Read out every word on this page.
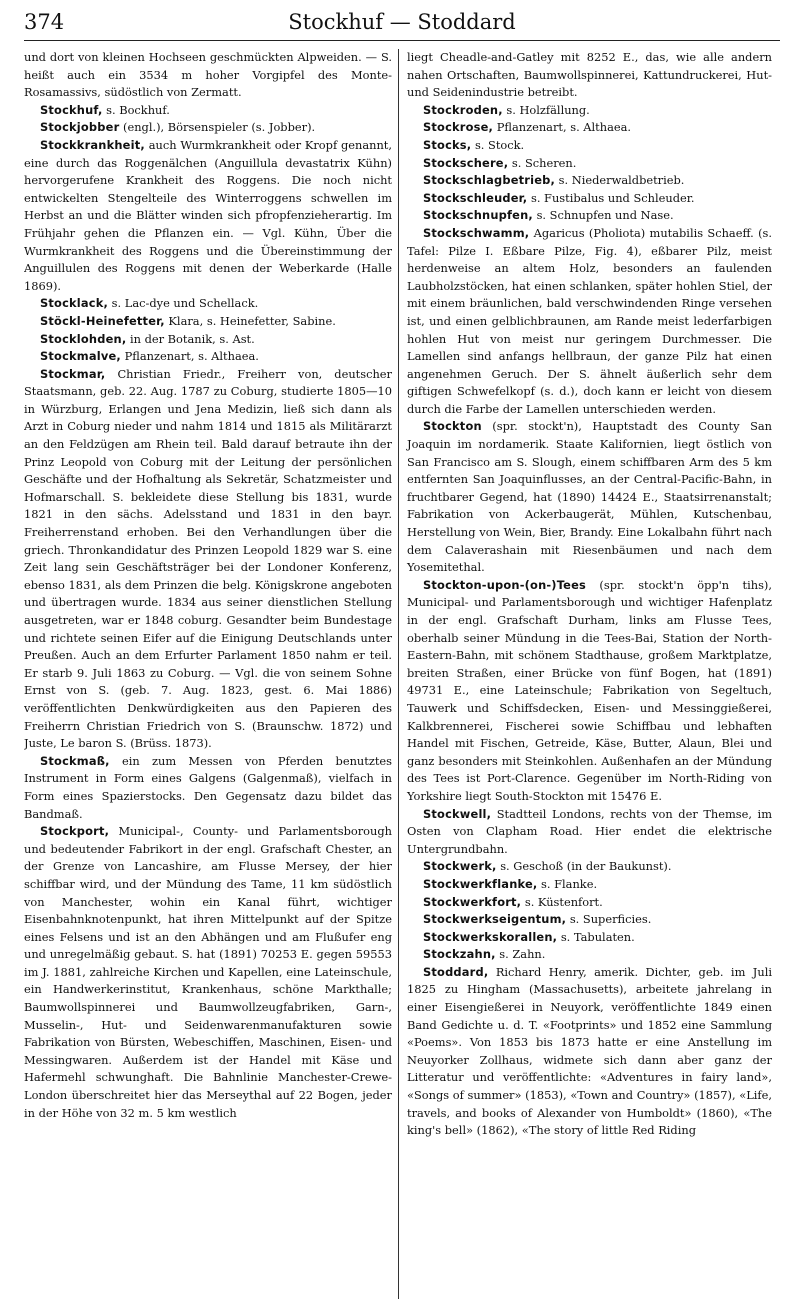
374	Stockhuf — Stoddard

und dort von kleinen Hochseen geschmückten Alpweiden. — S. heißt auch ein 3534 m hoher Vorgipfel des Monte-Rosamassivs, südöstlich von Zermatt.

Stockhuf, s. Bockhuf.

Stockjobber (engl.), Börsenspieler (s. Jobber).

Stockkrankheit, auch Wurmkrankheit oder Kropf genannt, eine durch das Roggenälchen (Anguillula devastatrix Kühn) hervorgerufene Krankheit des Roggens. Die noch nicht entwickelten Stengelteile des Winterroggens schwellen im Herbst an und die Blätter winden sich pfropfenzieherartig. Im Frühjahr gehen die Pflanzen ein. — Vgl. Kühn, Über die Wurmkrankheit des Roggens und die Übereinstimmung der Anguillulen des Roggens mit denen der Weberkarde (Halle 1869).

Stocklack, s. Lac-dye und Schellack.

Stöckl-Heinefetter, Klara, s. Heinefetter, Sabine.

Stocklohden, in der Botanik, s. Ast.

Stockmalve, Pflanzenart, s. Althaea.

Stockmar, Christian Friedr., Freiherr von, deutscher Staatsmann, geb. 22. Aug. 1787 zu Coburg, studierte 1805—10 in Würzburg, Erlangen und Jena Medizin, ließ sich dann als Arzt in Coburg nieder und nahm 1814 und 1815 als Militärarzt an den Feldzügen am Rhein teil. Bald darauf betraute ihn der Prinz Leopold von Coburg mit der Leitung der persönlichen Geschäfte und der Hofhaltung als Sekretär, Schatzmeister und Hofmarschall. S. bekleidete diese Stellung bis 1831, wurde 1821 in den sächs. Adelsstand und 1831 in den bayr. Freiherrenstand erhoben. Bei den Verhandlungen über die griech. Thronkandidatur des Prinzen Leopold 1829 war S. eine Zeit lang sein Geschäftsträger bei der Londoner Konferenz, ebenso 1831, als dem Prinzen die belg. Königskrone angeboten und übertragen wurde. 1834 aus seiner dienstlichen Stellung ausgetreten, war er 1848 coburg. Gesandter beim Bundestage und richtete seinen Eifer auf die Einigung Deutschlands unter Preußen. Auch an dem Erfurter Parlament 1850 nahm er teil. Er starb 9. Juli 1863 zu Coburg. — Vgl. die von seinem Sohne Ernst von S. (geb. 7. Aug. 1823, gest. 6. Mai 1886) veröffentlichten Denkwürdigkeiten aus den Papieren des Freiherrn Christian Friedrich von S. (Braunschw. 1872) und Juste, Le baron S. (Brüss. 1873).

Stockmaß, ein zum Messen von Pferden benutztes Instrument in Form eines Galgens (Galgenmaß), vielfach in Form eines Spazierstocks. Den Gegensatz dazu bildet das Bandmaß.

Stockport, Municipal-, County- und Parlamentsborough und bedeutender Fabrikort in der engl. Grafschaft Chester, an der Grenze von Lancashire, am Flusse Mersey, der hier schiffbar wird, und der Mündung des Tame, 11 km südöstlich von Manchester, wohin ein Kanal führt, wichtiger Eisenbahnknotenpunkt, hat ihren Mittelpunkt auf der Spitze eines Felsens und ist an den Abhängen und am Flußufer eng und unregelmäßig gebaut. S. hat (1891) 70253 E. gegen 59553 im J. 1881, zahlreiche Kirchen und Kapellen, eine Lateinschule, ein Handwerkerinstitut, Krankenhaus, schöne Markthalle; Baumwollspinnerei und Baumwollzeugfabriken, Garn-, Musselin-, Hut- und Seidenwarenmanufakturen sowie Fabrikation von Bürsten, Webeschiffen, Maschinen, Eisen- und Messingwaren. Außerdem ist der Handel mit Käse und Hafermehl schwunghaft. Die Bahnlinie Manchester-Crewe-London überschreitet hier das Merseythal auf 22 Bogen, jeder in der Höhe von 32 m. 5 km westlich

liegt Cheadle-and-Gatley mit 8252 E., das, wie alle andern nahen Ortschaften, Baumwollspinnerei, Kattundruckerei, Hut- und Seidenindustrie betreibt.

Stockroden, s. Holzfällung.

Stockrose, Pflanzenart, s. Althaea.

Stocks, s. Stock.

Stockschere, s. Scheren.

Stockschlagbetrieb, s. Niederwaldbetrieb.

Stockschleuder, s. Fustibalus und Schleuder.

Stockschnupfen, s. Schnupfen und Nase.

Stockschwamm, Agaricus (Pholiota) mutabilis Schaeff. (s. Tafel: Pilze I. Eßbare Pilze, Fig. 4), eßbarer Pilz, meist herdenweise an altem Holz, besonders an faulenden Laubholzstöcken, hat einen schlanken, später hohlen Stiel, der mit einem bräunlichen, bald verschwindenden Ringe versehen ist, und einen gelblichbraunen, am Rande meist lederfarbigen hohlen Hut von meist nur geringem Durchmesser. Die Lamellen sind anfangs hellbraun, der ganze Pilz hat einen angenehmen Geruch. Der S. ähnelt äußerlich sehr dem giftigen Schwefelkopf (s. d.), doch kann er leicht von diesem durch die Farbe der Lamellen unterschieden werden.

Stockton (spr. stockt'n), Hauptstadt des County San Joaquin im nordamerik. Staate Kalifornien, liegt östlich von San Francisco am S. Slough, einem schiffbaren Arm des 5 km entfernten San Joaquinflusses, an der Central-Pacific-Bahn, in fruchtbarer Gegend, hat (1890) 14424 E., Staatsirrenanstalt; Fabrikation von Ackerbaugerät, Mühlen, Kutschenbau, Herstellung von Wein, Bier, Brandy. Eine Lokalbahn führt nach dem Calaverashain mit Riesenbäumen und nach dem Yosemitethal.

Stockton-upon-(on-)Tees (spr. stockt'n öpp'n tihs), Municipal- und Parlamentsborough und wichtiger Hafenplatz in der engl. Grafschaft Durham, links am Flusse Tees, oberhalb seiner Mündung in die Tees-Bai, Station der North-Eastern-Bahn, mit schönem Stadthause, großem Marktplatze, breiten Straßen, einer Brücke von fünf Bogen, hat (1891) 49731 E., eine Lateinschule; Fabrikation von Segeltuch, Tauwerk und Schiffsdecken, Eisen- und Messinggießerei, Kalkbrennerei, Fischerei sowie Schiffbau und lebhaften Handel mit Fischen, Getreide, Käse, Butter, Alaun, Blei und ganz besonders mit Steinkohlen. Außenhafen an der Mündung des Tees ist Port-Clarence. Gegenüber im North-Riding von Yorkshire liegt South-Stockton mit 15476 E.

Stockwell, Stadtteil Londons, rechts von der Themse, im Osten von Clapham Road. Hier endet die elektrische Untergrundbahn.

Stockwerk, s. Geschoß (in der Baukunst).

Stockwerkflanke, s. Flanke.

Stockwerkfort, s. Küstenfort.

Stockwerkseigentum, s. Superficies.

Stockwerkskorallen, s. Tabulaten.

Stockzahn, s. Zahn.

Stoddard, Richard Henry, amerik. Dichter, geb. im Juli 1825 zu Hingham (Massachusetts), arbeitete jahrelang in einer Eisengießerei in Neuyork, veröffentlichte 1849 einen Band Gedichte u. d. T. «Footprints» und 1852 eine Sammlung «Poems». Von 1853 bis 1873 hatte er eine Anstellung im Neuyorker Zollhaus, widmete sich dann aber ganz der Litteratur und veröffentlichte: «Adventures in fairy land», «Songs of summer» (1853), «Town and Country» (1857), «Life, travels, and books of Alexander von Humboldt» (1860), «The king's bell» (1862), «The story of little Red Riding
